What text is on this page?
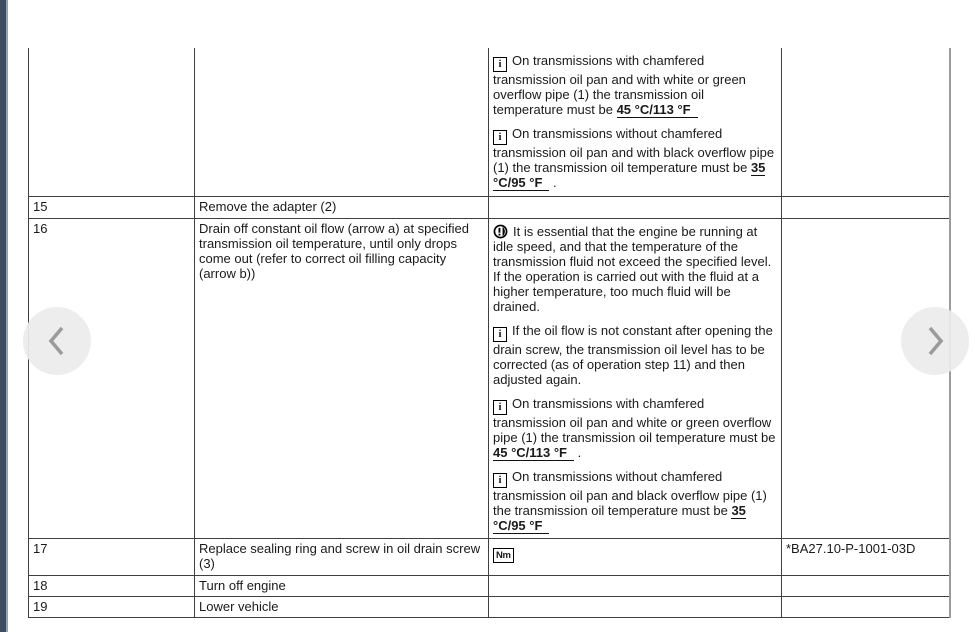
		i On transmissions with chamfered transmission oil pan and with white or green overflow pipe (1) the transmission oil temperature must be 45 °C/113 °F
i On transmissions without chamfered transmission oil pan and with black overflow pipe (1) the transmission oil temperature must be 35 °C/95 °F .	

15	Remove the adapter (2)		
16	Drain off constant oil flow (arrow a) at specified transmission oil temperature, until only drops come out (refer to correct oil filling capacity (arrow b))	It is essential that the engine be running at idle speed, and that the temperature of the transmission fluid not exceed the specified level. If the operation is carried out with the fluid at a higher temperature, too much fluid will be drained.
i If the oil flow is not constant after opening the drain screw, the transmission oil level has to be corrected (as of operation step 11) and then adjusted again.
i On transmissions with chamfered transmission oil pan and white or green overflow pipe (1) the transmission oil temperature must be 45 °C/113 °F .
i On transmissions without chamfered transmission oil pan and black overflow pipe (1) the transmission oil temperature must be 35 °C/95 °F	

17	Replace sealing ring and screw in oil drain screw (3)	Nm	*BA27.10-P-1001-03D
18	Turn off engine		
19	Lower vehicle		
